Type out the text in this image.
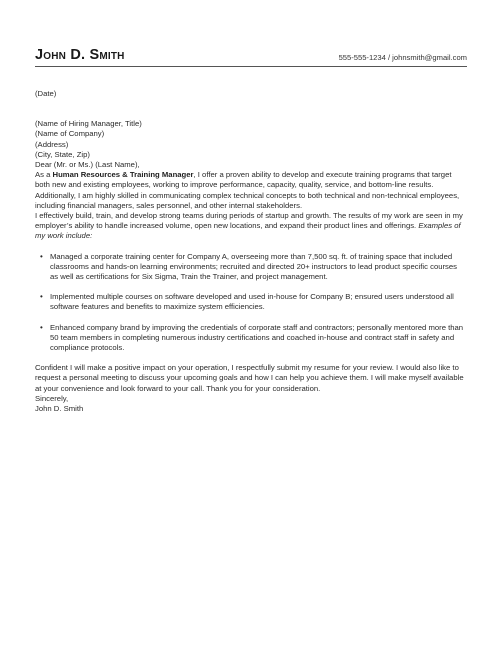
John D. Smith	555-555-1234 / johnsmith@gmail.com

(Date)

(Name of Hiring Manager, Title)

(Name of Company)

(Address)

(City, State, Zip)

Dear (Mr. or Ms.) (Last Name),

As a Human Resources & Training Manager, I offer a proven ability to develop and execute training programs that target both new and existing employees, working to improve performance, capacity, quality, service, and bottom-line results. Additionally, I am highly skilled in communicating complex technical concepts to both technical and non-technical employees, including financial managers, sales personnel, and other internal stakeholders.

I effectively build, train, and develop strong teams during periods of startup and growth. The results of my work are seen in my employer’s ability to handle increased volume, open new locations, and expand their product lines and offerings. Examples of my work include:

• Managed a corporate training center for Company A, overseeing more than 7,500 sq. ft. of training space that included classrooms and hands-on learning environments; recruited and directed 20+ instructors to lead product specific courses as well as certifications for Six Sigma, Train the Trainer, and project management.
• Implemented multiple courses on software developed and used in-house for Company B; ensured users understood all software features and benefits to maximize system efficiencies.
• Enhanced company brand by improving the credentials of corporate staff and contractors; personally mentored more than 50 team members in completing numerous industry certifications and coached in-house and contract staff in safety and compliance protocols.

Confident I will make a positive impact on your operation, I respectfully submit my resume for your review. I would also like to request a personal meeting to discuss your upcoming goals and how I can help you achieve them. I will make myself available at your convenience and look forward to your call. Thank you for your consideration.

Sincerely,

John D. Smith
